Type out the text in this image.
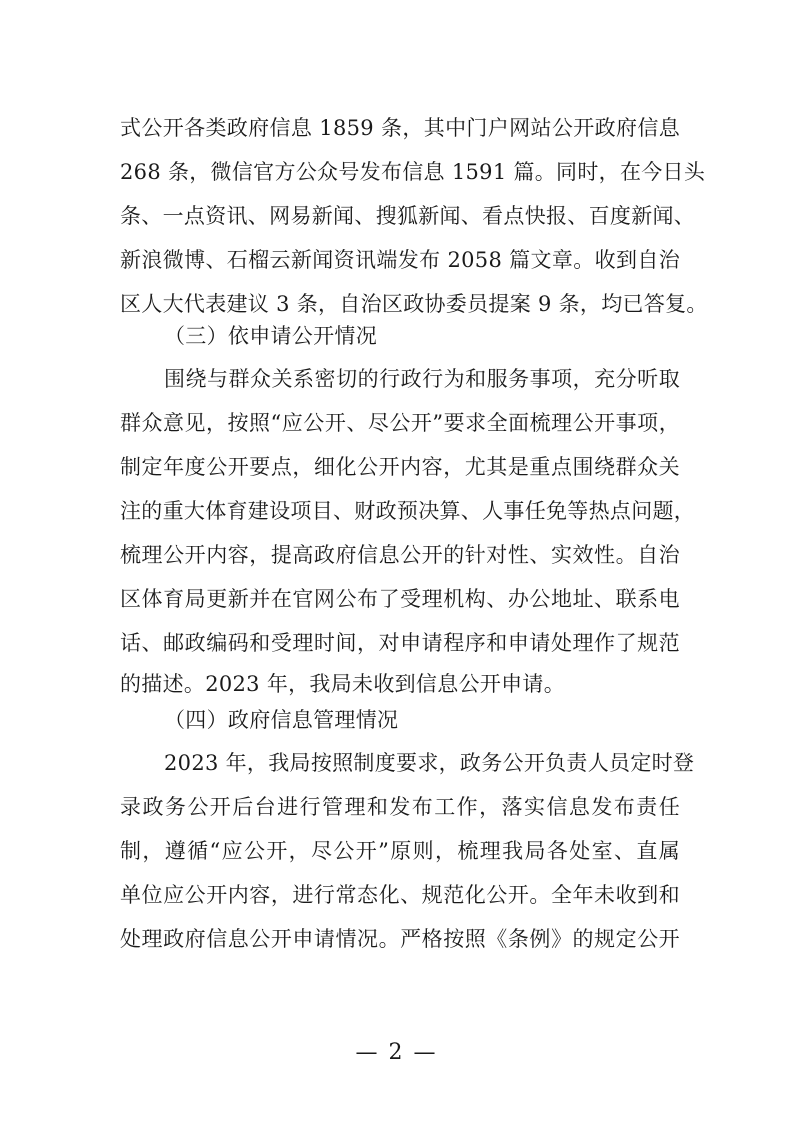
式公开各类政府信息 1859 条，其中门户网站公开政府信息
268 条，微信官方公众号发布信息 1591 篇。同时，在今日头
条、一点资讯、网易新闻、搜狐新闻、看点快报、百度新闻、
新浪微博、石榴云新闻资讯端发布 2058 篇文章。收到自治
区人大代表建议 3 条，自治区政协委员提案 9 条，均已答复。
（三）依申请公开情况
围绕与群众关系密切的行政行为和服务事项，充分听取
群众意见，按照“应公开、尽公开”要求全面梳理公开事项，
制定年度公开要点，细化公开内容，尤其是重点围绕群众关
注的重大体育建设项目、财政预决算、人事任免等热点问题，
梳理公开内容，提高政府信息公开的针对性、实效性。自治
区体育局更新并在官网公布了受理机构、办公地址、联系电
话、邮政编码和受理时间，对申请程序和申请处理作了规范
的描述。2023 年，我局未收到信息公开申请。
（四）政府信息管理情况
2023 年，我局按照制度要求，政务公开负责人员定时登
录政务公开后台进行管理和发布工作，落实信息发布责任
制，遵循“应公开，尽公开”原则，梳理我局各处室、直属
单位应公开内容，进行常态化、规范化公开。全年未收到和
处理政府信息公开申请情况。严格按照《条例》的规定公开
— 2 —
